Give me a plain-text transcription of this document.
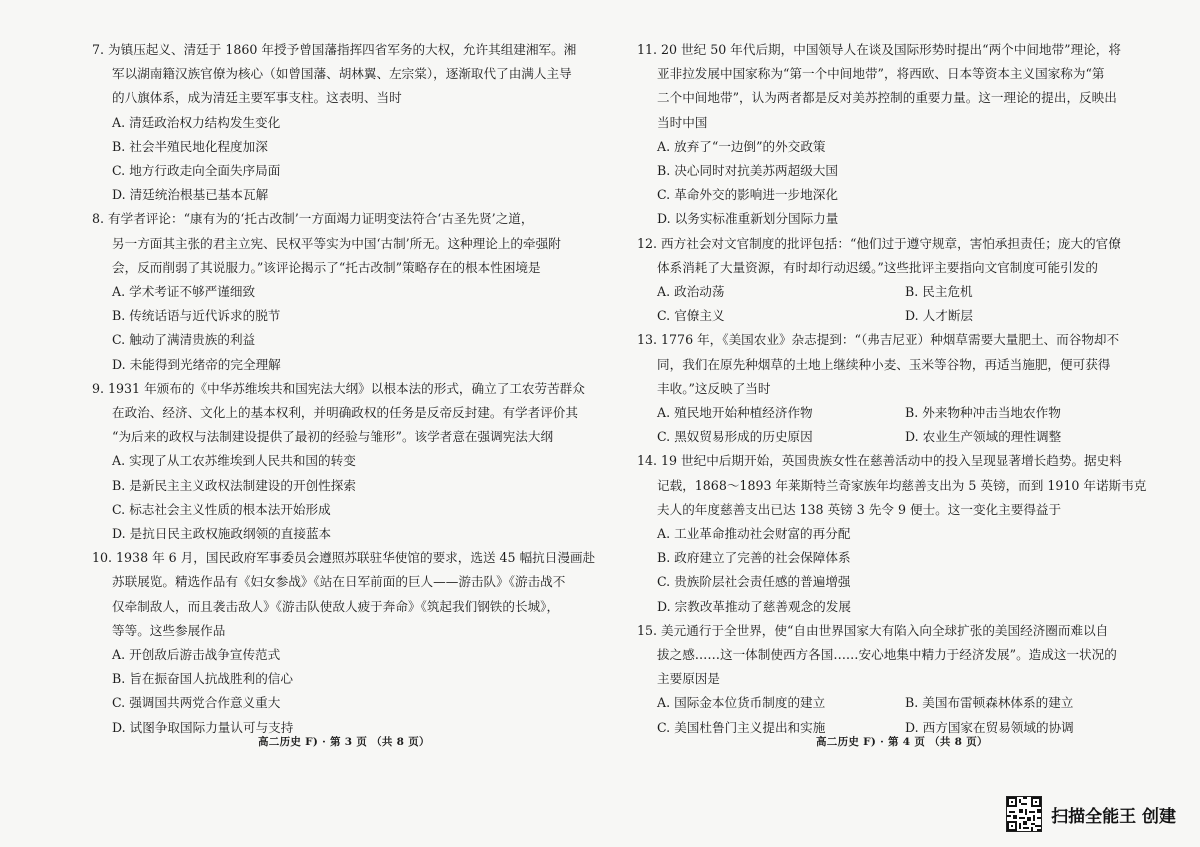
7. 为镇压起义、清廷于 1860 年授予曾国藩指挥四省军务的大权，允许其组建湘军。湘
军以湖南籍汉族官僚为核心（如曾国藩、胡林翼、左宗棠），逐渐取代了由满人主导
的八旗体系，成为清廷主要军事支柱。这表明、当时
A. 清廷政治权力结构发生变化
B. 社会半殖民地化程度加深
C. 地方行政走向全面失序局面
D. 清廷统治根基已基本瓦解
8. 有学者评论：“康有为的‘托古改制’一方面竭力证明变法符合‘古圣先贤’之道，
另一方面其主张的君主立宪、民权平等实为中国‘古制’所无。这种理论上的牵强附
会，反而削弱了其说服力。”该评论揭示了“托古改制”策略存在的根本性困境是
A. 学术考证不够严谨细致
B. 传统话语与近代诉求的脱节
C. 触动了满清贵族的利益
D. 未能得到光绪帝的完全理解
9. 1931 年颁布的《中华苏维埃共和国宪法大纲》以根本法的形式，确立了工农劳苦群众
在政治、经济、文化上的基本权利，并明确政权的任务是反帝反封建。有学者评价其
“为后来的政权与法制建设提供了最初的经验与雏形”。该学者意在强调宪法大纲
A. 实现了从工农苏维埃到人民共和国的转变
B. 是新民主主义政权法制建设的开创性探索
C. 标志社会主义性质的根本法开始形成
D. 是抗日民主政权施政纲领的直接蓝本
10. 1938 年 6 月，国民政府军事委员会遵照苏联驻华使馆的要求，选送 45 幅抗日漫画赴
苏联展览。精选作品有《妇女参战》《站在日军前面的巨人——游击队》《游击战不
仅牵制敌人，而且袭击敌人》《游击队使敌人疲于奔命》《筑起我们钢铁的长城》，
等等。这些参展作品
A. 开创敌后游击战争宣传范式
B. 旨在振奋国人抗战胜利的信心
C. 强调国共两党合作意义重大
D. 试图争取国际力量认可与支持
高二历史 F) · 第 3 页 （共 8 页）
11. 20 世纪 50 年代后期，中国领导人在谈及国际形势时提出“两个中间地带”理论，将
亚非拉发展中国家称为“第一个中间地带”，将西欧、日本等资本主义国家称为“第
二个中间地带”，认为两者都是反对美苏控制的重要力量。这一理论的提出，反映出
当时中国
A. 放弃了“一边倒”的外交政策
B. 决心同时对抗美苏两超级大国
C. 革命外交的影响进一步地深化
D. 以务实标准重新划分国际力量
12. 西方社会对文官制度的批评包括：“他们过于遵守规章，害怕承担责任；庞大的官僚
体系消耗了大量资源，有时却行动迟缓。”这些批评主要指向文官制度可能引发的
A. 政治动荡	B. 民主危机
C. 官僚主义	D. 人才断层
13. 1776 年，《美国农业》杂志提到：“（弗吉尼亚）种烟草需要大量肥土、而谷物却不
同，我们在原先种烟草的土地上继续种小麦、玉米等谷物，再适当施肥，便可获得
丰收。”这反映了当时
A. 殖民地开始种植经济作物	B. 外来物种冲击当地农作物
C. 黑奴贸易形成的历史原因	D. 农业生产领域的理性调整
14. 19 世纪中后期开始，英国贵族女性在慈善活动中的投入呈现显著增长趋势。据史料
记载，1868～1893 年莱斯特兰奇家族年均慈善支出为 5 英镑，而到 1910 年诺斯韦克
夫人的年度慈善支出已达 138 英镑 3 先令 9 便士。这一变化主要得益于
A. 工业革命推动社会财富的再分配
B. 政府建立了完善的社会保障体系
C. 贵族阶层社会责任感的普遍增强
D. 宗教改革推动了慈善观念的发展
15. 美元通行于全世界，使“自由世界国家大有陷入向全球扩张的美国经济圈而难以自
拔之感……这一体制使西方各国……安心地集中精力于经济发展”。造成这一状况的
主要原因是
A. 国际金本位货币制度的建立	B. 美国布雷顿森林体系的建立
C. 美国杜鲁门主义提出和实施	D. 西方国家在贸易领域的协调
高二历史 F) · 第 4 页 （共 8 页）
扫描全能王 创建
